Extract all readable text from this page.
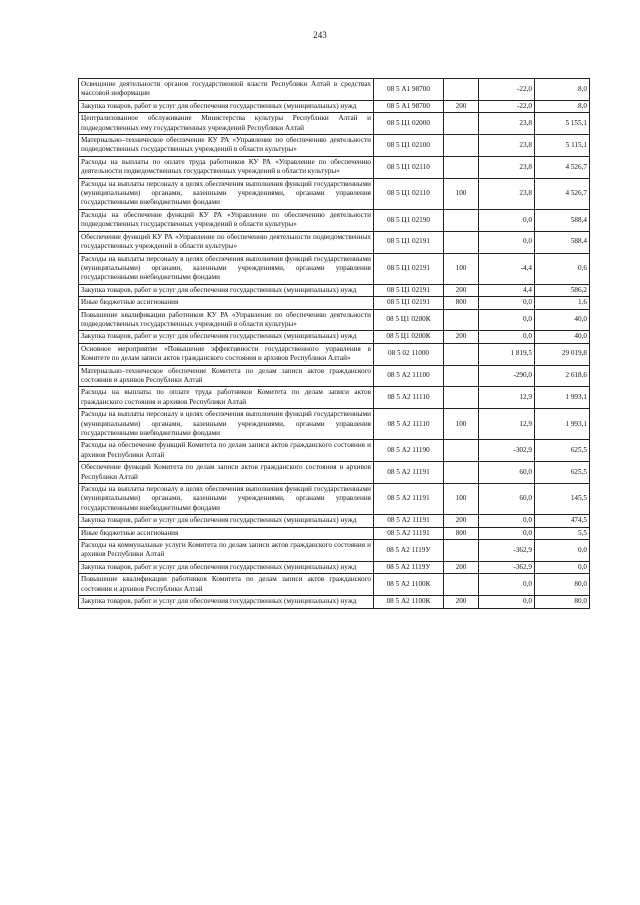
243
Освещение деятельности органов государственной власти Республики Алтай в средствах массовой информации	08 5 А1 98700		-22,0	8,0
Закупка товаров, работ и услуг для обеспечения государственных (муниципальных) нужд	08 5 А1 98700	200	-22,0	8,0
Централизованное обслуживание Министерства культуры Республики Алтай и подведомственных ему государственных учреждений Республики Алтай	08 5 Ц1 02000		23,8	5 155,1
Материально–техническое обеспечение КУ РА «Управление по обеспечению деятельности подведомственных государственных учреждений в области культуры»	08 5 Ц1 02100		23,8	5 115,1
Расходы на выплаты по оплате труда работников КУ РА «Управление по обеспечению деятельности подведомственных государственных учреждений в области культуры»	08 5 Ц1 02110		23,8	4 526,7
Расходы на выплаты персоналу в целях обеспечения выполнения функций государственными (муниципальными) органами, казенными учреждениями, органами управления государственными внебюджетными фондами	08 5 Ц1 02110	100	23,8	4 526,7
Расходы на обеспечение функций КУ РА «Управление по обеспечению деятельности подведомственных государственных учреждений в области культуры»	08 5 Ц1 02190		0,0	588,4
Обеспечение функций КУ РА «Управление по обеспечению деятельности подведомственных государственных учреждений в области культуры»	08 5 Ц1 02191		0,0	588,4
Расходы на выплаты персоналу в целях обеспечения выполнения функций государственными (муниципальными) органами, казенными учреждениями, органами управления государственными внебюджетными фондами	08 5 Ц1 02191	100	-4,4	0,6
Закупка товаров, работ и услуг для обеспечения государственных (муниципальных) нужд	08 5 Ц1 02191	200	4,4	586,2
Иные бюджетные ассигнования	08 5 Ц1 02191	800	0,0	1,6
Повышение квалификации работников КУ РА «Управление по обеспечению деятельности подведомственных государственных учреждений в области культуры»	08 5 Ц1 0200К		0,0	40,0
Закупка товаров, работ и услуг для обеспечения государственных (муниципальных) нужд	08 5 Ц1 0200К	200	0,0	40,0
Основное мероприятие «Повышение эффективности государственного управления в Комитете по делам записи актов гражданского состояния и архивов Республики Алтай»	08 5 02 11000		1 819,5	29 019,8
Материально–техническое обеспечение Комитета по делам записи актов гражданского состояния и архивов Республики Алтай	08 5 А2 11100		-290,0	2 618,6
Расходы на выплаты по оплате труда работников Комитета по делам записи актов гражданского состояния и архивов Республики Алтай	08 5 А2 11110		12,9	1 993,1
Расходы на выплаты персоналу в целях обеспечения выполнения функций государственными (муниципальными) органами, казенными учреждениями, органами управления государственными внебюджетными фондами	08 5 А2 11110	100	12,9	1 993,1
Расходы на обеспечение функций Комитета по делам записи актов гражданского состояния и архивов Республики Алтай	08 5 А2 11190		-302,9	625,5
Обеспечение функций Комитета по делам записи актов гражданского состояния и архивов Республики Алтай	08 5 А2 11191		60,0	625,5
Расходы на выплаты персоналу в целях обеспечения выполнения функций государственными (муниципальными) органами, казенными учреждениями, органами управления государственными внебюджетными фондами	08 5 А2 11191	100	60,0	145,5
Закупка товаров, работ и услуг для обеспечения государственных (муниципальных) нужд	08 5 А2 11191	200	0,0	474,5
Иные бюджетные ассигнования	08 5 А2 11191	800	0,0	5,5
Расходы на коммунальные услуги Комитета по делам записи актов гражданского состояния и архивов Республики Алтай	08 5 А2 1119У		-362,9	0,0
Закупка товаров, работ и услуг для обеспечения государственных (муниципальных) нужд	08 5 А2 1119У	200	-362,9	0,0
Повышение квалификации работников Комитета по делам записи актов гражданского состояния и архивов Республики Алтай	08 5 А2 1100К		0,0	80,0
Закупка товаров, работ и услуг для обеспечения государственных (муниципальных) нужд	08 5 А2 1100К	200	0,0	80,0
